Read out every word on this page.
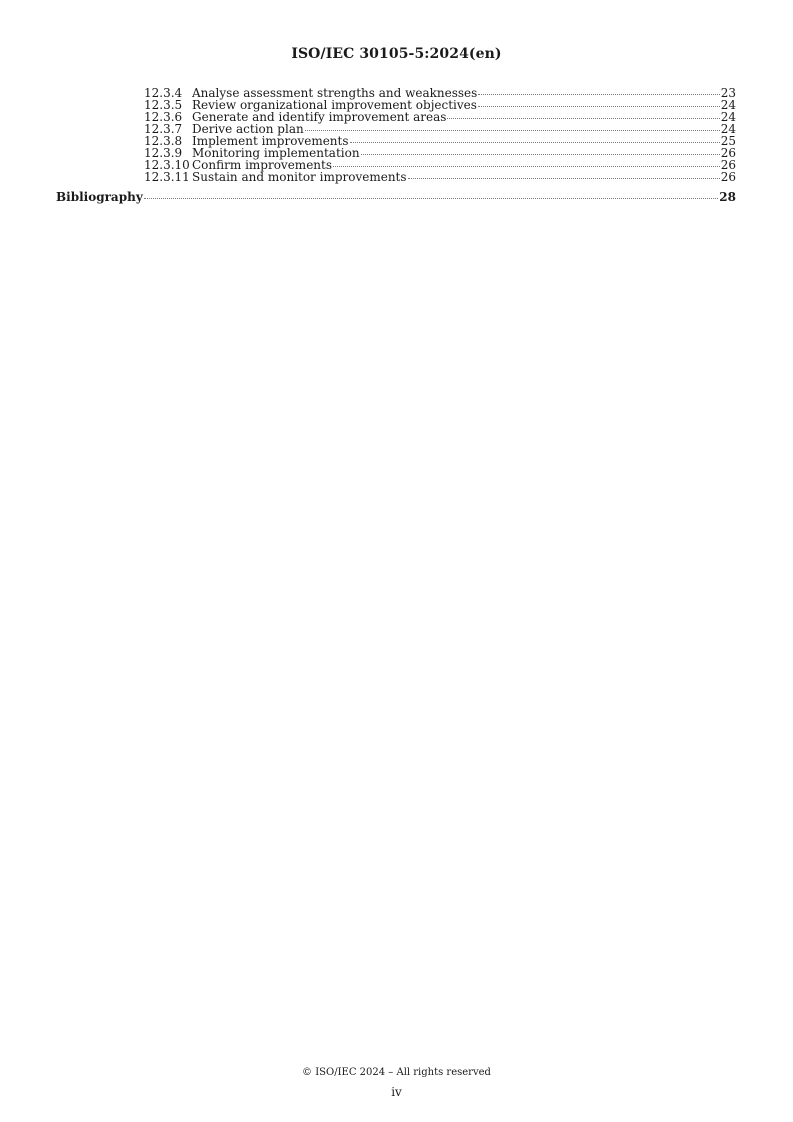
ISO/IEC 30105-5:2024(en)
12.3.4 Analyse assessment strengths and weaknesses	23
12.3.5 Review organizational improvement objectives	24
12.3.6 Generate and identify improvement areas	24
12.3.7 Derive action plan	24
12.3.8 Implement improvements	25
12.3.9 Monitoring implementation	26
12.3.10 Confirm improvements	26
12.3.11 Sustain and monitor improvements	26
Bibliography	28
© ISO/IEC 2024 – All rights reserved
iv
